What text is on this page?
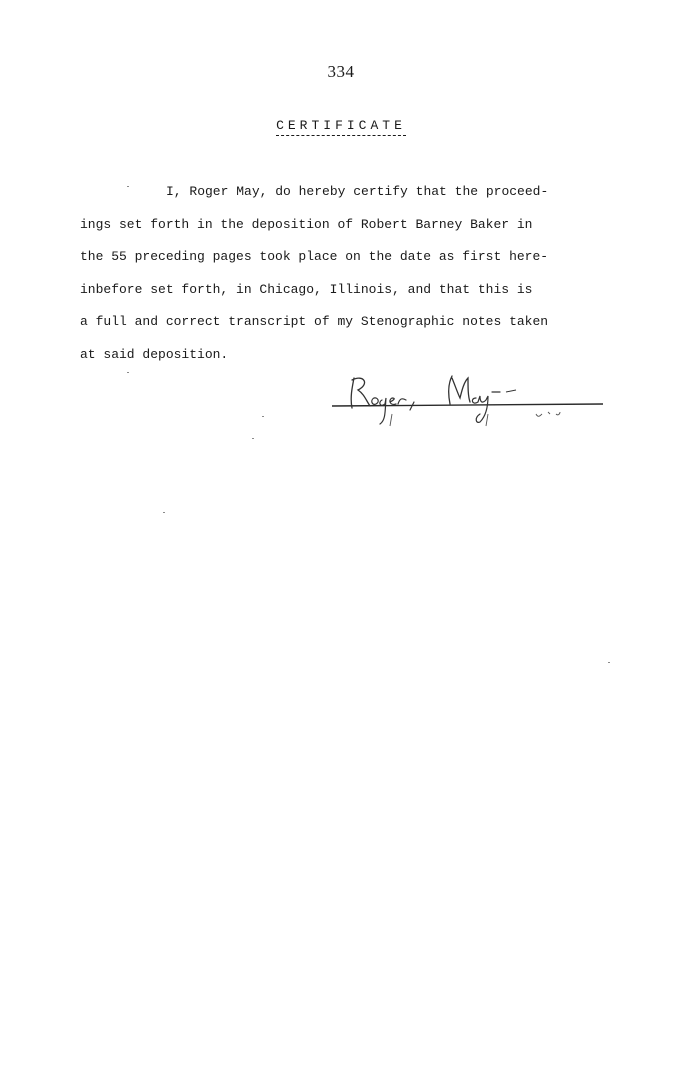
334
CERTIFICATE
I, Roger May, do hereby certify that the proceed-
ings set forth in the deposition of Robert Barney Baker in
the 55 preceding pages took place on the date as first here-
inbefore set forth, in Chicago, Illinois, and that this is
a full and correct transcript of my Stenographic notes taken
at said deposition.
